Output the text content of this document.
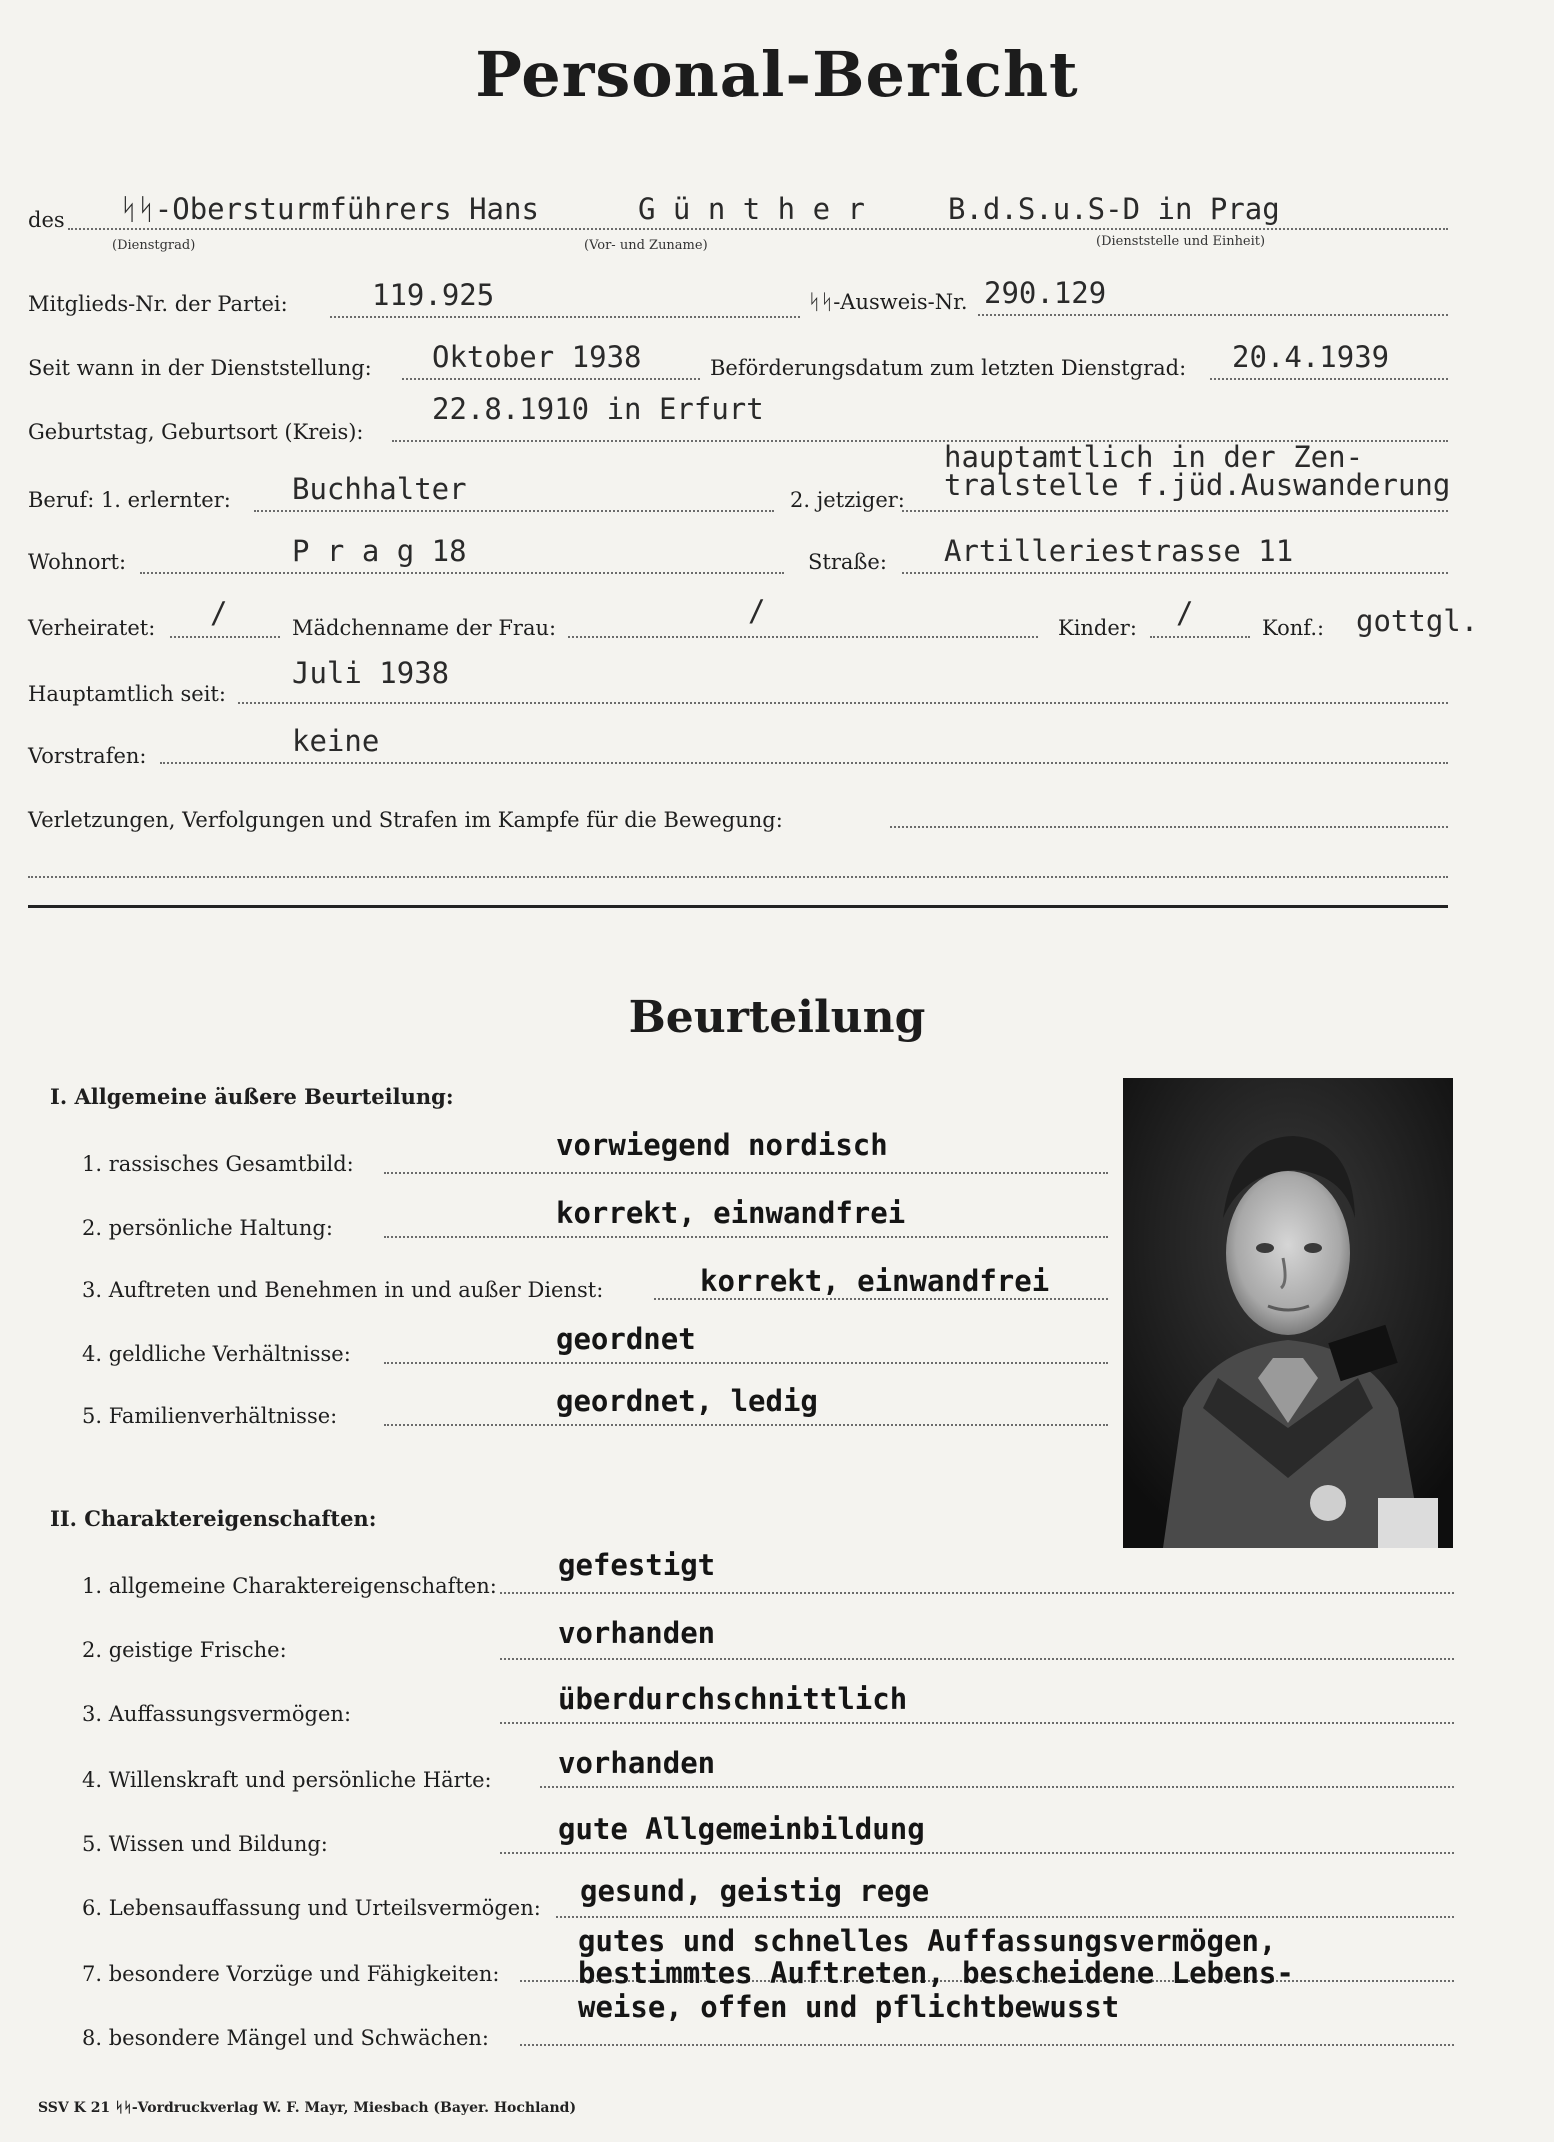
Personal-Bericht
des ᛋᛋ-Obersturmführers Hans	G ü n t h e r	B.d.S.u.S-D in Prag
(Dienstgrad)	(Vor- und Zuname)	(Dienststelle und Einheit)
Mitglieds-Nr. der Partei:	119.925	ᛋᛋ-Ausweis-Nr. 290.129
Seit wann in der Dienststellung: Oktober 1938	Beförderungsdatum zum letzten Dienstgrad: 20.4.1939
Geburtstag, Geburtsort (Kreis):
22.8.1910 in Erfurt
Beruf: 1. erlernter: Buchhalter	2. jetziger:
hauptamtlich in der Zen-
tralstelle f.jüd.Auswanderung
Wohnort:	P r a g 18	Straße: Artilleriestrasse 11
Verheiratet: /	Mädchenname der Frau:	/	Kinder: /	Konf.: gottgl.
Hauptamtlich seit:
Juli 1938
Vorstrafen:	keine
Verletzungen, Verfolgungen und Strafen im Kampfe für die Bewegung:
Beurteilung
I. Allgemeine äußere Beurteilung:
1. rassisches Gesamtbild:
vorwiegend nordisch
2. persönliche Haltung:	korrekt, einwandfrei
3. Auftreten und Benehmen in und außer Dienst:	korrekt, einwandfrei
4. geldliche Verhältnisse:	geordnet
5. Familienverhältnisse:	geordnet, ledig
II. Charaktereigenschaften:
1. allgemeine Charaktereigenschaften:
gefestigt
2. geistige Frische:	vorhanden
3. Auffassungsvermögen:	überdurchschnittlich
4. Willenskraft und persönliche Härte: vorhanden
5. Wissen und Bildung:	gute Allgemeinbildung
6. Lebensauffassung und Urteilsvermögen: gesund, geistig rege
7. besondere Vorzüge und Fähigkeiten:
gutes und schnelles Auffassungsvermögen,
bestimmtes Auftreten, bescheidene Lebens-
weise, offen und pflichtbewusst
8. besondere Mängel und Schwächen:
SSV K 21 ᛋᛋ-Vordruckverlag W. F. Mayr, Miesbach (Bayer. Hochland)
